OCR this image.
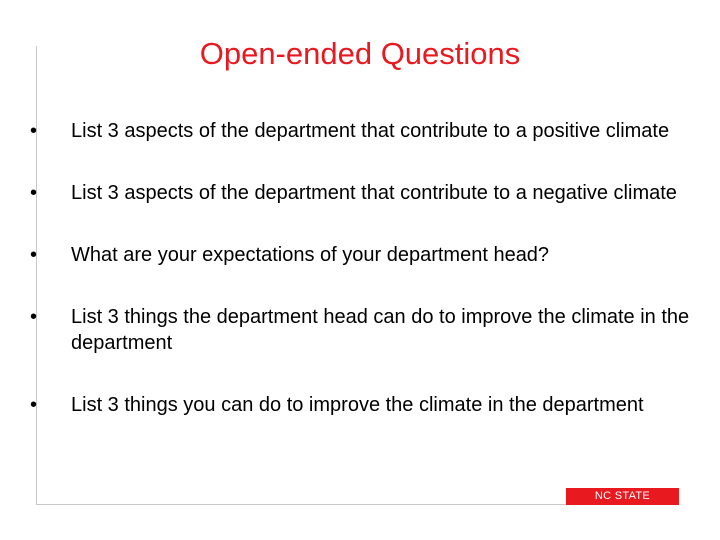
Open-ended Questions
•	List 3 aspects of the department that contribute to a positive climate
•	List 3 aspects of the department that contribute to a negative climate
•	What are your expectations of your department head?
•	List 3 things the department head can do to improve the climate in the department
•	List 3 things you can do to improve the climate in the department
NC STATE
